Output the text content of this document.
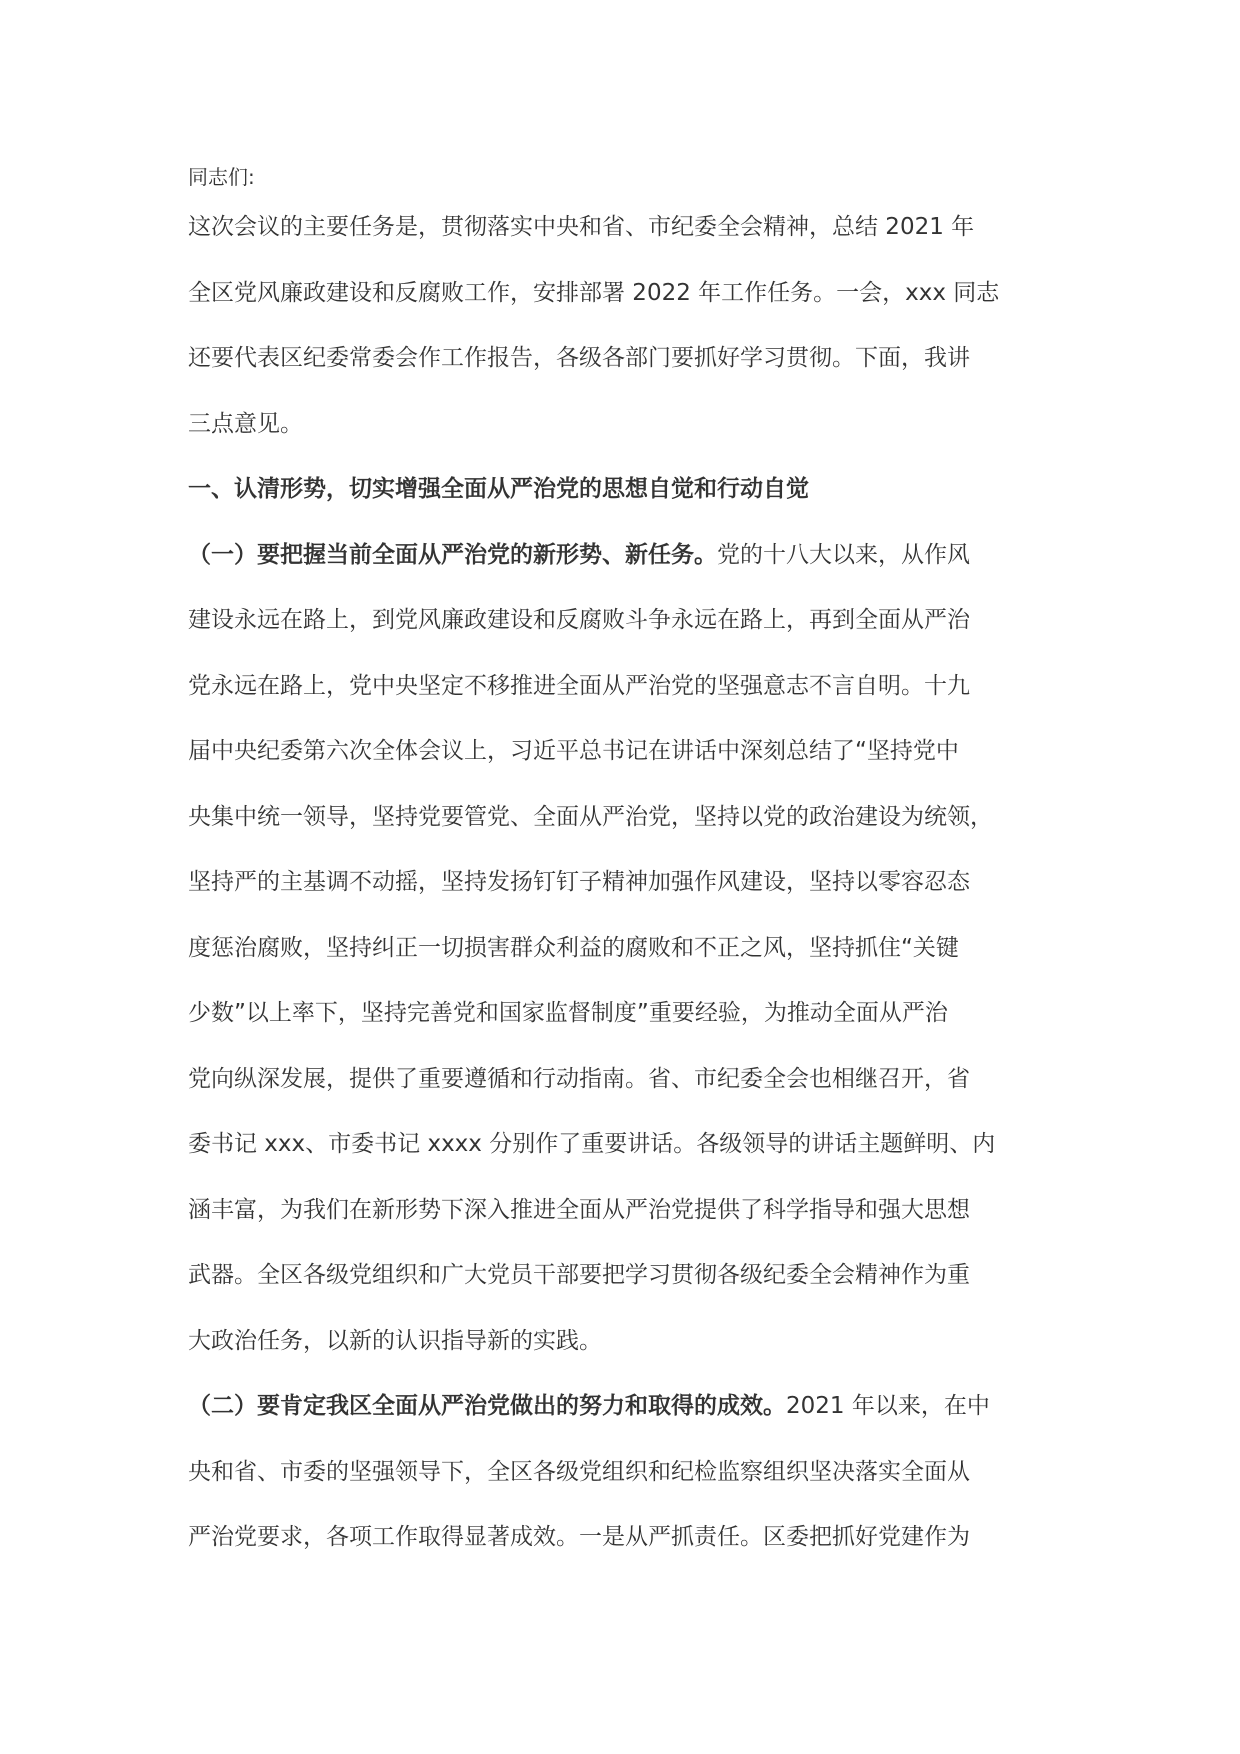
同志们:
这次会议的主要任务是，贯彻落实中央和省、市纪委全会精神，总结 2021 年
全区党风廉政建设和反腐败工作，安排部署 2022 年工作任务。一会，xxx 同志
还要代表区纪委常委会作工作报告，各级各部门要抓好学习贯彻。下面，我讲
三点意见。
一、认清形势，切实增强全面从严治党的思想自觉和行动自觉
（一）要把握当前全面从严治党的新形势、新任务。党的十八大以来，从作风
建设永远在路上，到党风廉政建设和反腐败斗争永远在路上，再到全面从严治
党永远在路上，党中央坚定不移推进全面从严治党的坚强意志不言自明。十九
届中央纪委第六次全体会议上，习近平总书记在讲话中深刻总结了“坚持党中
央集中统一领导，坚持党要管党、全面从严治党，坚持以党的政治建设为统领，
坚持严的主基调不动摇，坚持发扬钉钉子精神加强作风建设，坚持以零容忍态
度惩治腐败，坚持纠正一切损害群众利益的腐败和不正之风，坚持抓住“关键
少数”以上率下，坚持完善党和国家监督制度”重要经验，为推动全面从严治
党向纵深发展，提供了重要遵循和行动指南。省、市纪委全会也相继召开，省
委书记 xxx、市委书记 xxxx 分别作了重要讲话。各级领导的讲话主题鲜明、内
涵丰富，为我们在新形势下深入推进全面从严治党提供了科学指导和强大思想
武器。全区各级党组织和广大党员干部要把学习贯彻各级纪委全会精神作为重
大政治任务，以新的认识指导新的实践。
（二）要肯定我区全面从严治党做出的努力和取得的成效。2021 年以来，在中
央和省、市委的坚强领导下，全区各级党组织和纪检监察组织坚决落实全面从
严治党要求，各项工作取得显著成效。一是从严抓责任。区委把抓好党建作为
